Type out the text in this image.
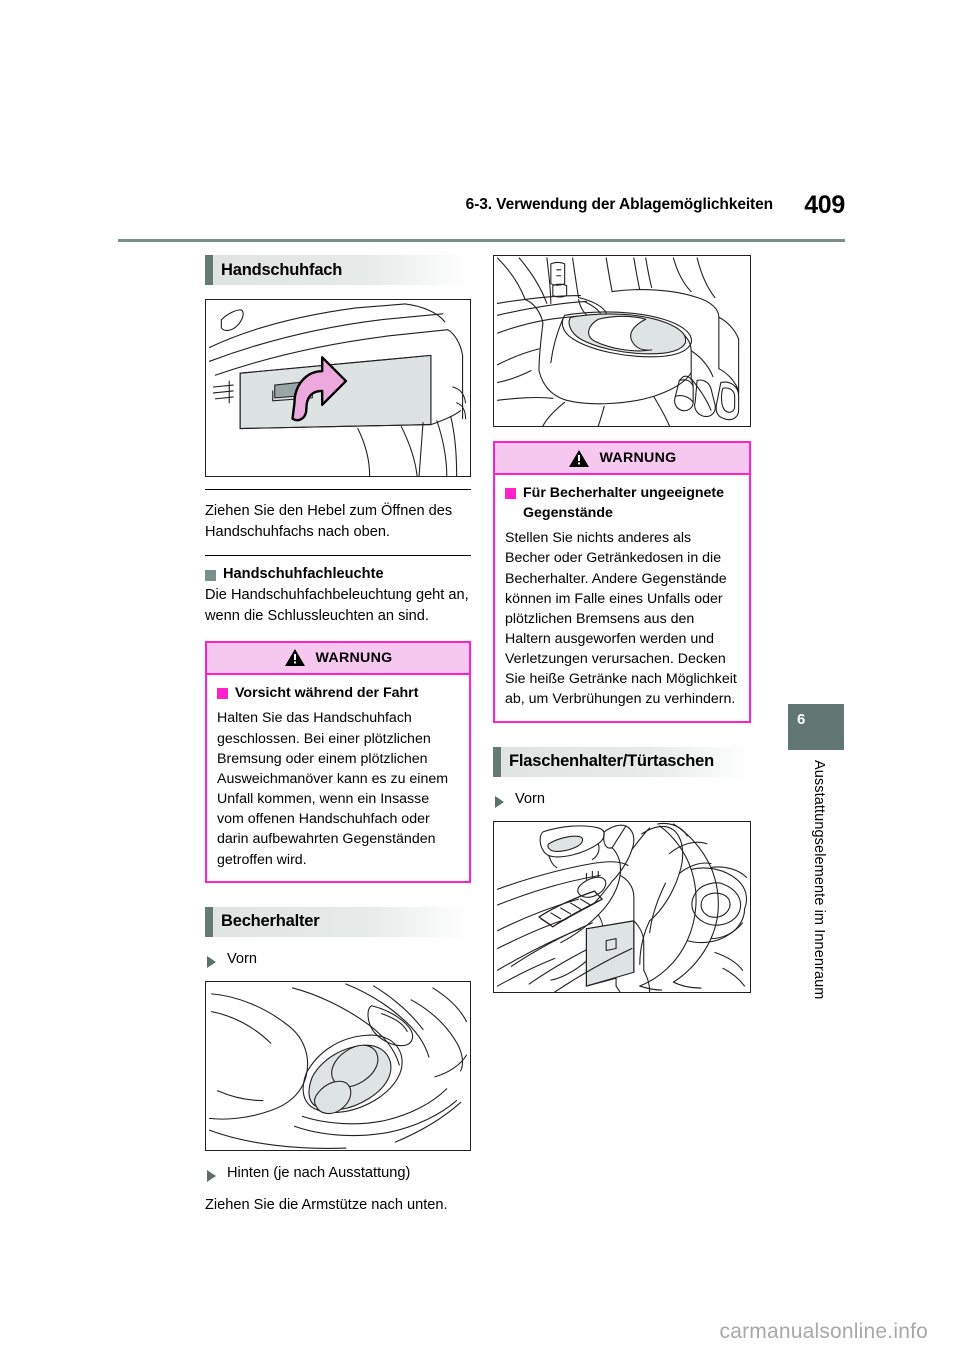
6-3. Verwendung der Ablagemöglichkeiten 409
6
Ausstattungselemente im Innenraum
Handschuhfach

Ziehen Sie den Hebel zum Öffnen des Handschuhfachs nach oben.

Handschuhfachleuchte

Die Handschuhfachbeleuchtung geht an, wenn die Schlussleuchten an sind.

WARNUNG
Vorsicht während der Fahrt

Halten Sie das Handschuhfach geschlossen. Bei einer plötzlichen Bremsung oder einem plötzlichen Ausweichmanöver kann es zu einem Unfall kommen, wenn ein Insasse vom offenen Handschuhfach oder darin aufbewahrten Gegenständen getroffen wird.

Becherhalter
Vorn
Hinten (je nach Ausstattung)

Ziehen Sie die Armstütze nach unten.

WARNUNG
Für Becherhalter ungeeignete Gegenstände

Stellen Sie nichts anderes als Becher oder Getränkedosen in die Becherhalter. Andere Gegenstände können im Falle eines Unfalls oder plötzlichen Bremsens aus den Haltern ausgeworfen werden und Verletzungen verursachen. Decken Sie heiße Getränke nach Möglichkeit ab, um Verbrühungen zu verhindern.

Flaschenhalter/Türtaschen
Vorn
carmanualsonline.info
